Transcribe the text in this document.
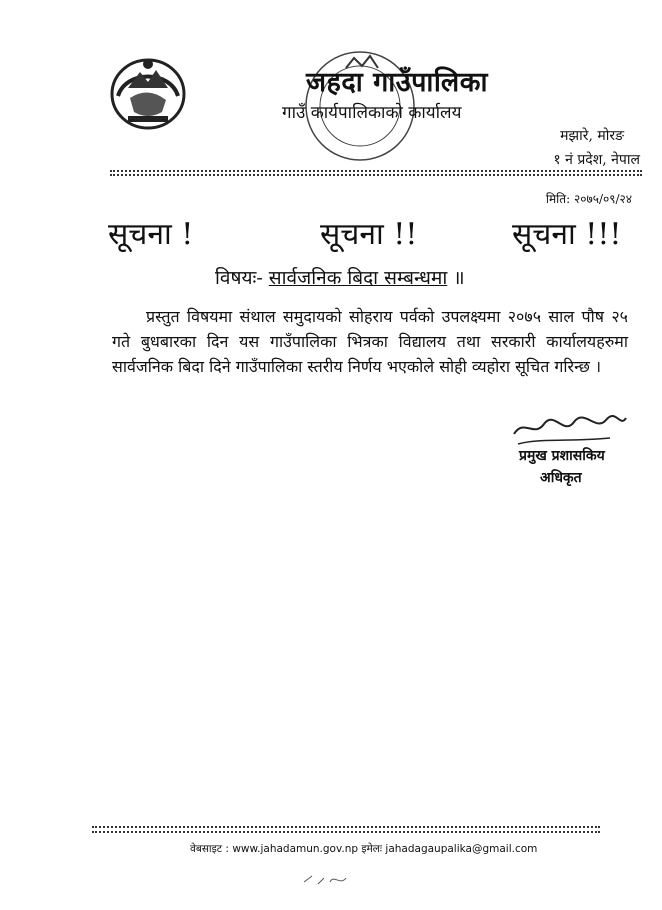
जहदा गाउँपालिका
गाउँ कार्यपालिकाको कार्यालय
मझारे, मोरङ
१ नं प्रदेश, नेपाल
मिति: २०७५/०९/२४
सूचना !	सूचना !!	सूचना !!!
विषयः- सार्वजनिक बिदा सम्बन्धमा ॥
प्रस्तुत विषयमा संथाल समुदायको सोहराय पर्वको उपलक्ष्यमा २०७५ साल पौष २५ गते बुधबारका दिन यस गाउँपालिका भित्रका विद्यालय तथा सरकारी कार्यालयहरुमा सार्वजनिक बिदा दिने गाउँपालिका स्तरीय निर्णय भएकोले सोही व्यहोरा सूचित गरिन्छ ।
प्रमुख प्रशासकिय
अधिकृत
वेबसाइट : www.jahadamun.gov.np इमेलः jahadagaupalika@gmail.com
